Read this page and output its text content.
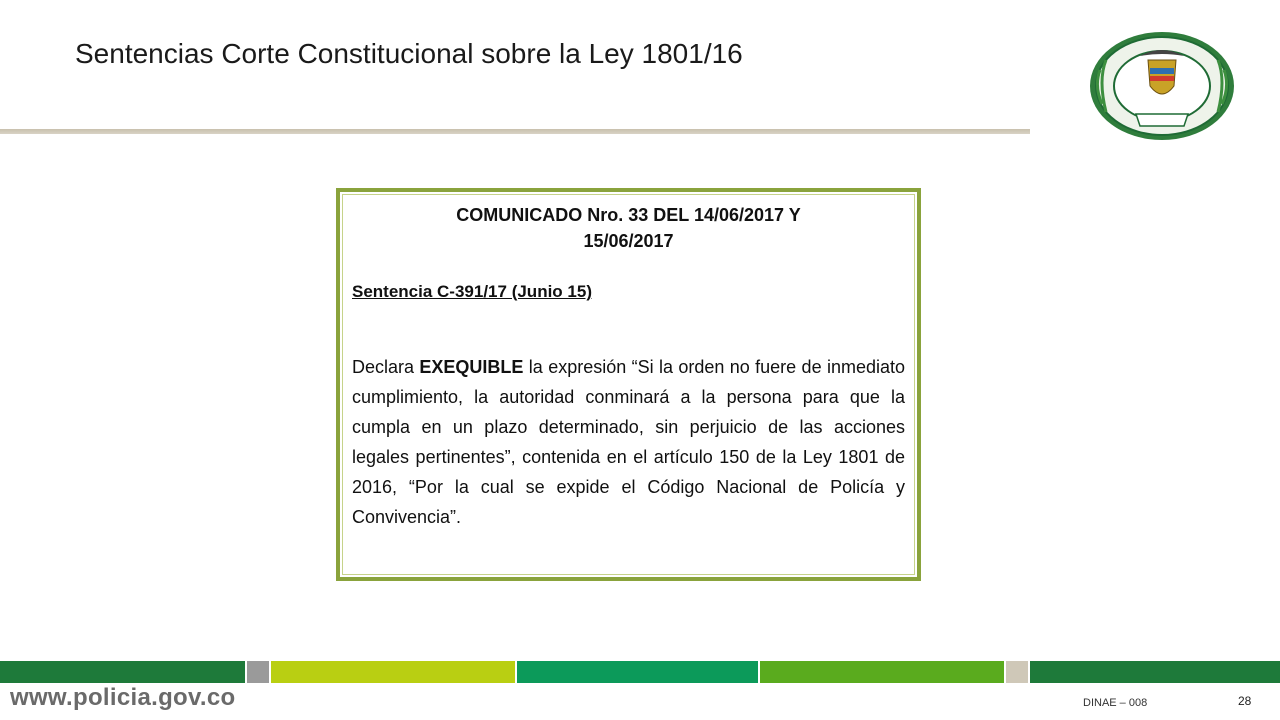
Sentencias Corte Constitucional sobre la Ley 1801/16
COMUNICADO Nro. 33 DEL 14/06/2017 Y
15/06/2017
Sentencia C-391/17 (Junio 15)
Declara EXEQUIBLE la expresión “Si la orden no fuere de inmediato cumplimiento, la autoridad conminará a la persona para que la cumpla en un plazo determinado, sin perjuicio de las acciones legales pertinentes”, contenida en el artículo 150 de la Ley 1801 de 2016, “Por la cual se expide el Código Nacional de Policía y Convivencia”.
www.policia.gov.co	DINAE – 008	28
